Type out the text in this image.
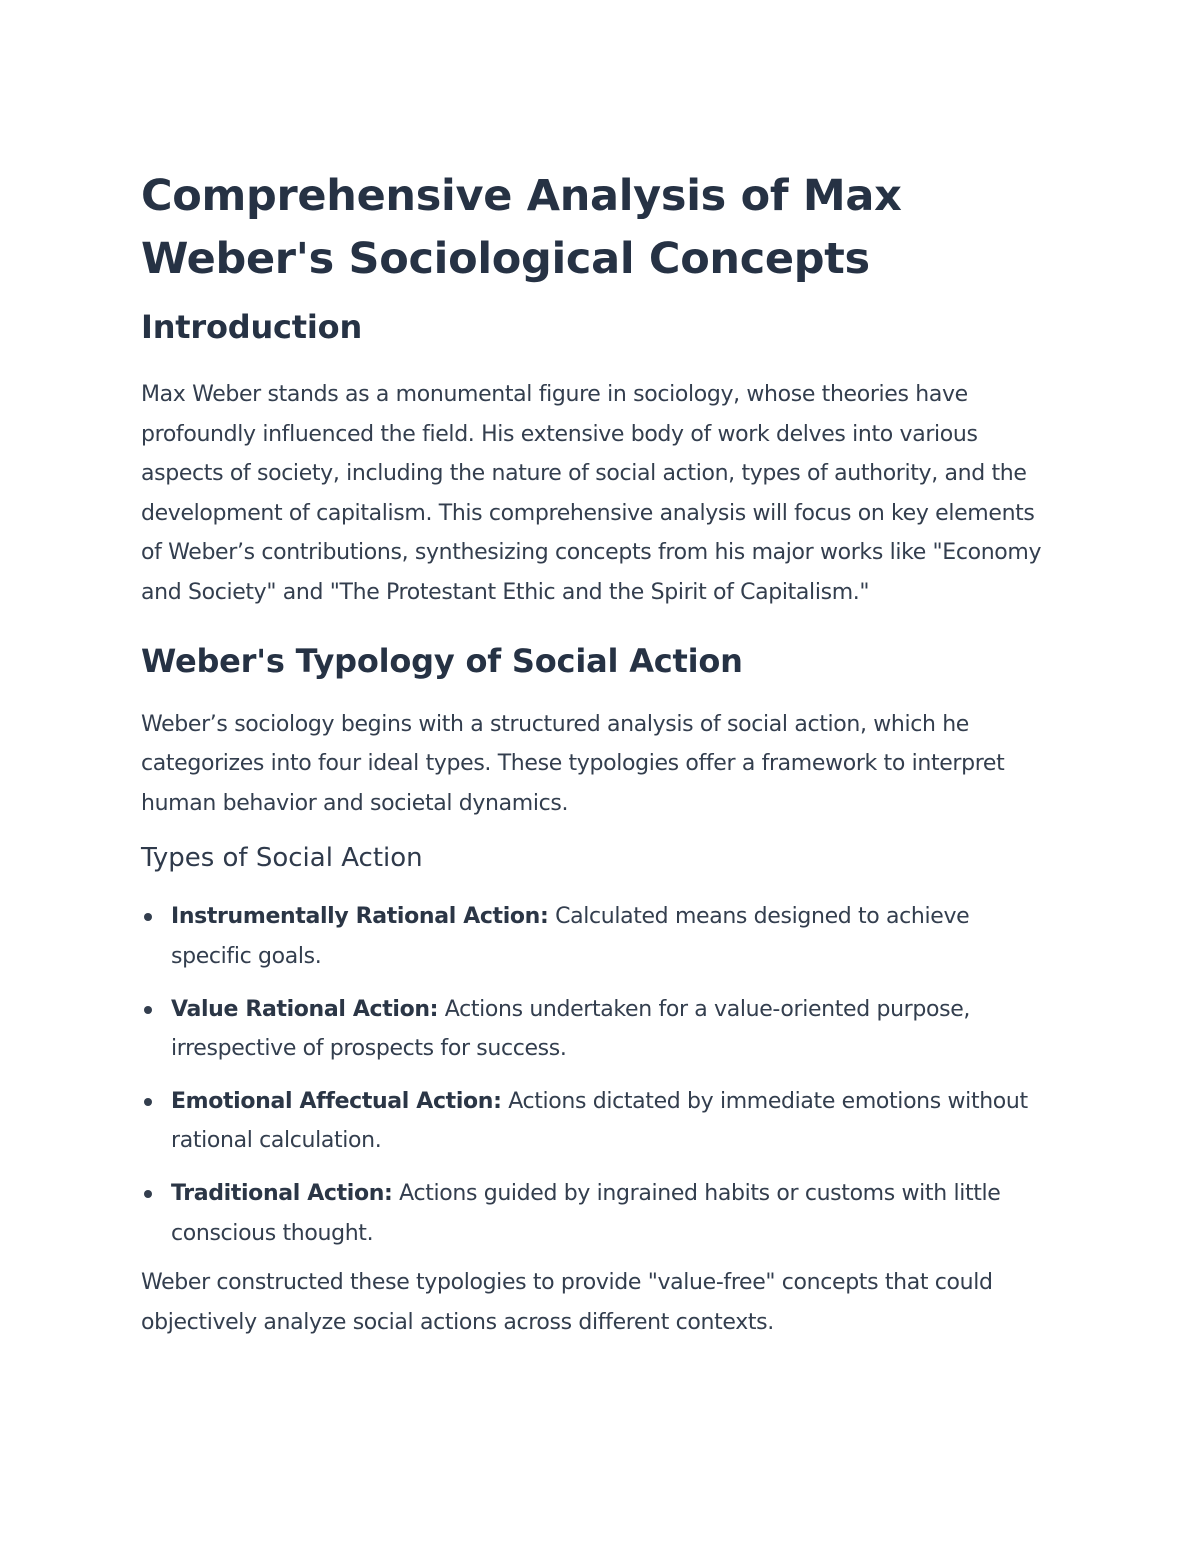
Comprehensive Analysis of Max Weber's Sociological Concepts
Introduction

Max Weber stands as a monumental figure in sociology, whose theories have profoundly influenced the field. His extensive body of work delves into various aspects of society, including the nature of social action, types of authority, and the development of capitalism. This comprehensive analysis will focus on key elements of Weber’s contributions, synthesizing concepts from his major works like "Economy and Society" and "The Protestant Ethic and the Spirit of Capitalism."

Weber's Typology of Social Action

Weber’s sociology begins with a structured analysis of social action, which he categorizes into four ideal types. These typologies offer a framework to interpret human behavior and societal dynamics.

Types of Social Action
Instrumentally Rational Action: Calculated means designed to achieve specific goals.
Value Rational Action: Actions undertaken for a value-oriented purpose, irrespective of prospects for success.
Emotional Affectual Action: Actions dictated by immediate emotions without rational calculation.
Traditional Action: Actions guided by ingrained habits or customs with little conscious thought.

Weber constructed these typologies to provide "value-free" concepts that could objectively analyze social actions across different contexts.
